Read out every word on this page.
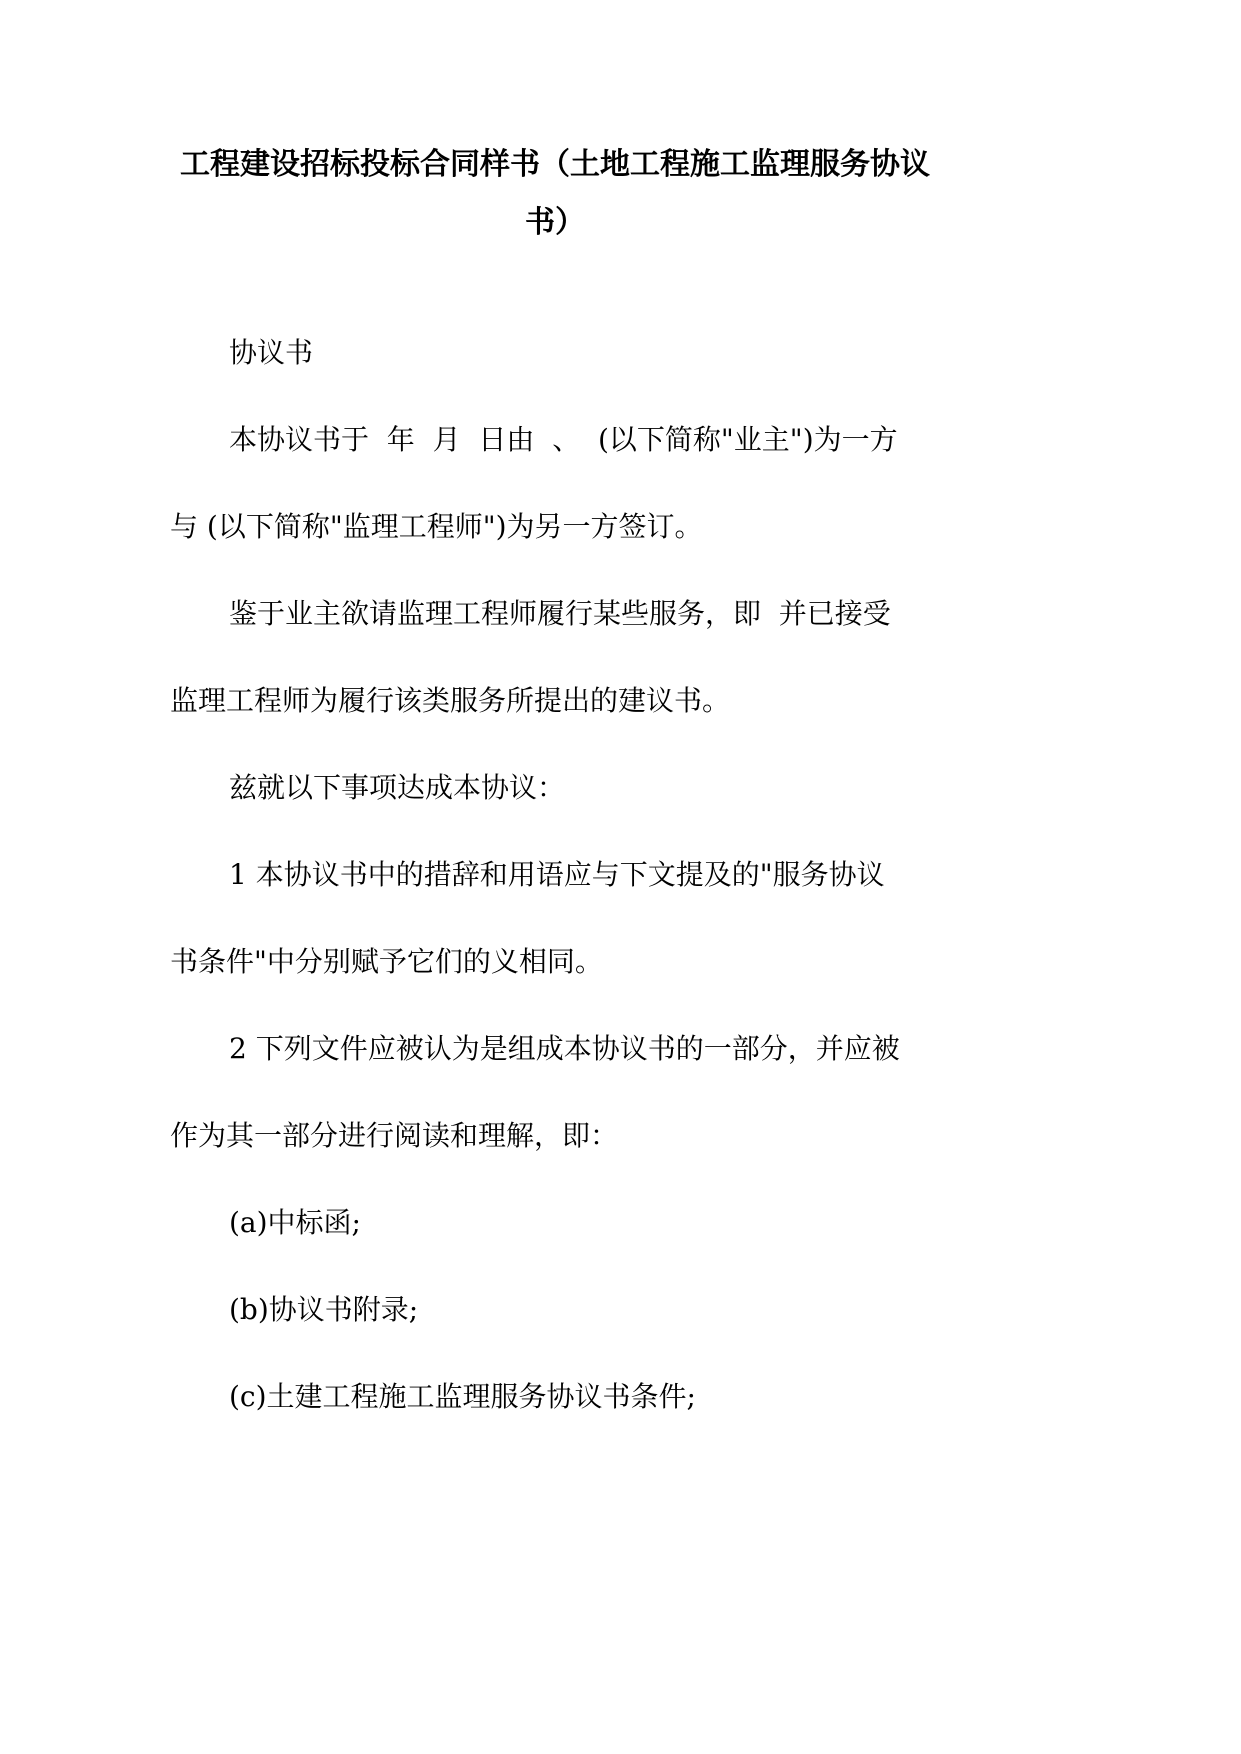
工程建设招标投标合同样书（土地工程施工监理服务协议
书）

协议书

本协议书于  年  月  日由  、  (以下简称"业主")为一方

与 (以下简称"监理工程师")为另一方签订。

鉴于业主欲请监理工程师履行某些服务，即  并已接受

监理工程师为履行该类服务所提出的建议书。

兹就以下事项达成本协议：

1 本协议书中的措辞和用语应与下文提及的"服务协议

书条件"中分别赋予它们的义相同。

2 下列文件应被认为是组成本协议书的一部分，并应被

作为其一部分进行阅读和理解，即：

(a)中标函;

(b)协议书附录;

(c)土建工程施工监理服务协议书条件;
